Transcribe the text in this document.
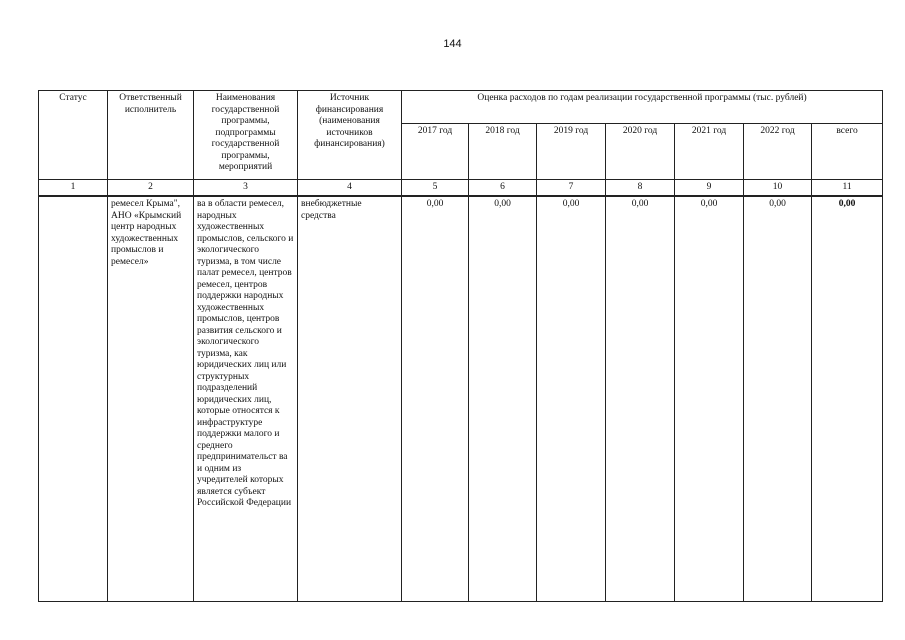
144
Статус	Ответственный исполнитель	Наименования государственной программы, подпрограммы государственной программы, мероприятий	Источник финансирования (наименования источников финансирования)	Оценка расходов по годам реализации государственной программы (тыс. рублей)						
				2017 год	2018 год	2019 год	2020 год	2021 год	2022 год	всего
1	2	3	4	5	6	7	8	9	10	11
	ремесел Крыма", АНО «Крымский центр народных художественных промыслов и ремесел»	ва в области ремесел, народных художественных промыслов, сельского и экологического туризма, в том числе палат ремесел, центров ремесел, центров поддержки народных художественных промыслов, центров развития сельского и экологического туризма, как юридических лиц или структурных подразделений юридических лиц, которые относятся к инфраструктуре поддержки малого и среднего предпринимательст ва и одним из учредителей которых является субъект Российской Федерации	внебюджетные средства	0,00	0,00	0,00	0,00	0,00	0,00	0,00
